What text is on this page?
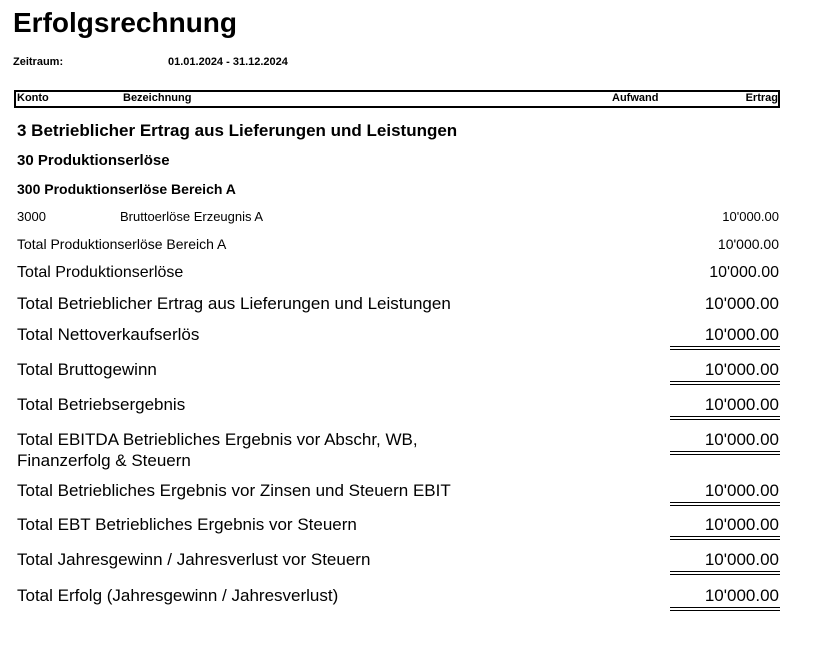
Erfolgsrechnung
Zeitraum:	01.01.2024 - 31.12.2024
Konto	Bezeichnung	Aufwand	Ertrag
3 Betrieblicher Ertrag aus Lieferungen und Leistungen
30 Produktionserlöse
300 Produktionserlöse Bereich A
3000	Bruttoerlöse Erzeugnis A	10'000.00
Total Produktionserlöse Bereich A	10'000.00
Total Produktionserlöse	10'000.00
Total Betrieblicher Ertrag aus Lieferungen und Leistungen	10'000.00
Total Nettoverkaufserlös	10'000.00
Total Bruttogewinn	10'000.00
Total Betriebsergebnis	10'000.00
Total EBITDA Betriebliches Ergebnis vor Abschr, WB,
Finanzerfolg & Steuern
10'000.00
Total Betriebliches Ergebnis vor Zinsen und Steuern EBIT	10'000.00
Total EBT Betriebliches Ergebnis vor Steuern	10'000.00
Total Jahresgewinn / Jahresverlust vor Steuern	10'000.00
Total Erfolg (Jahresgewinn / Jahresverlust)	10'000.00
